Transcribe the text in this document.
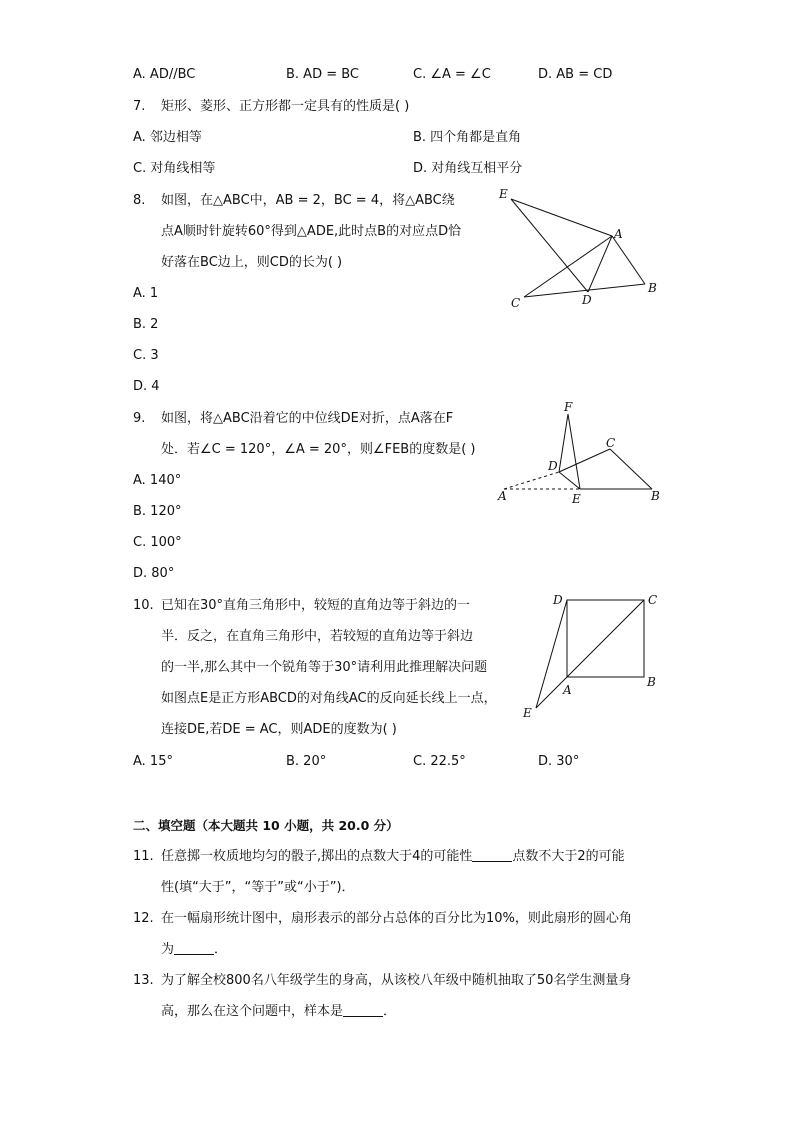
A. AD//BC	B. AD = BC	C. ∠A = ∠C	D. AB = CD
7. 矩形、菱形、正方形都一定具有的性质是( )
A. 邻边相等	B. 四个角都是直角
C. 对角线相等	D. 对角线互相平分
8. 如图，在△ABC中，AB = 2，BC = 4，将△ABC绕
点A顺时针旋转60°得到△ADE,此时点B的对应点D恰
好落在BC边上，则CD的长为( )
A. 1
B. 2
C. 3
D. 4
E
A
B
C	D
9. 如图，将△ABC沿着它的中位线DE对折，点A落在F
处．若∠C = 120°，∠A = 20°，则∠FEB的度数是( )
A. 140°
B. 120°
C. 100°
D. 80°
F
C
D
A	E	B
10. 已知在30°直角三角形中，较短的直角边等于斜边的一
半．反之，在直角三角形中，若较短的直角边等于斜边
的一半,那么其中一个锐角等于30°请利用此推理解决问题
如图点E是正方形ABCD的对角线AC的反向延长线上一点，
连接DE,若DE = AC，则ADE的度数为( )
A. 15°	B. 20°	C. 22.5°	D. 30°
D	C
A
B
E
二、填空题（本大题共 10 小题，共 20.0 分）
11. 任意掷一枚质地均匀的骰子,掷出的点数大于4的可能性	点数不大于2的可能
性(填“大于”，“等于”或“小于”)．
12. 在一幅扇形统计图中，扇形表示的部分占总体的百分比为10%，则此扇形的圆心角
为	．
13. 为了解全校800名八年级学生的身高，从该校八年级中随机抽取了50名学生测量身
高，那么在这个问题中，样本是	．
